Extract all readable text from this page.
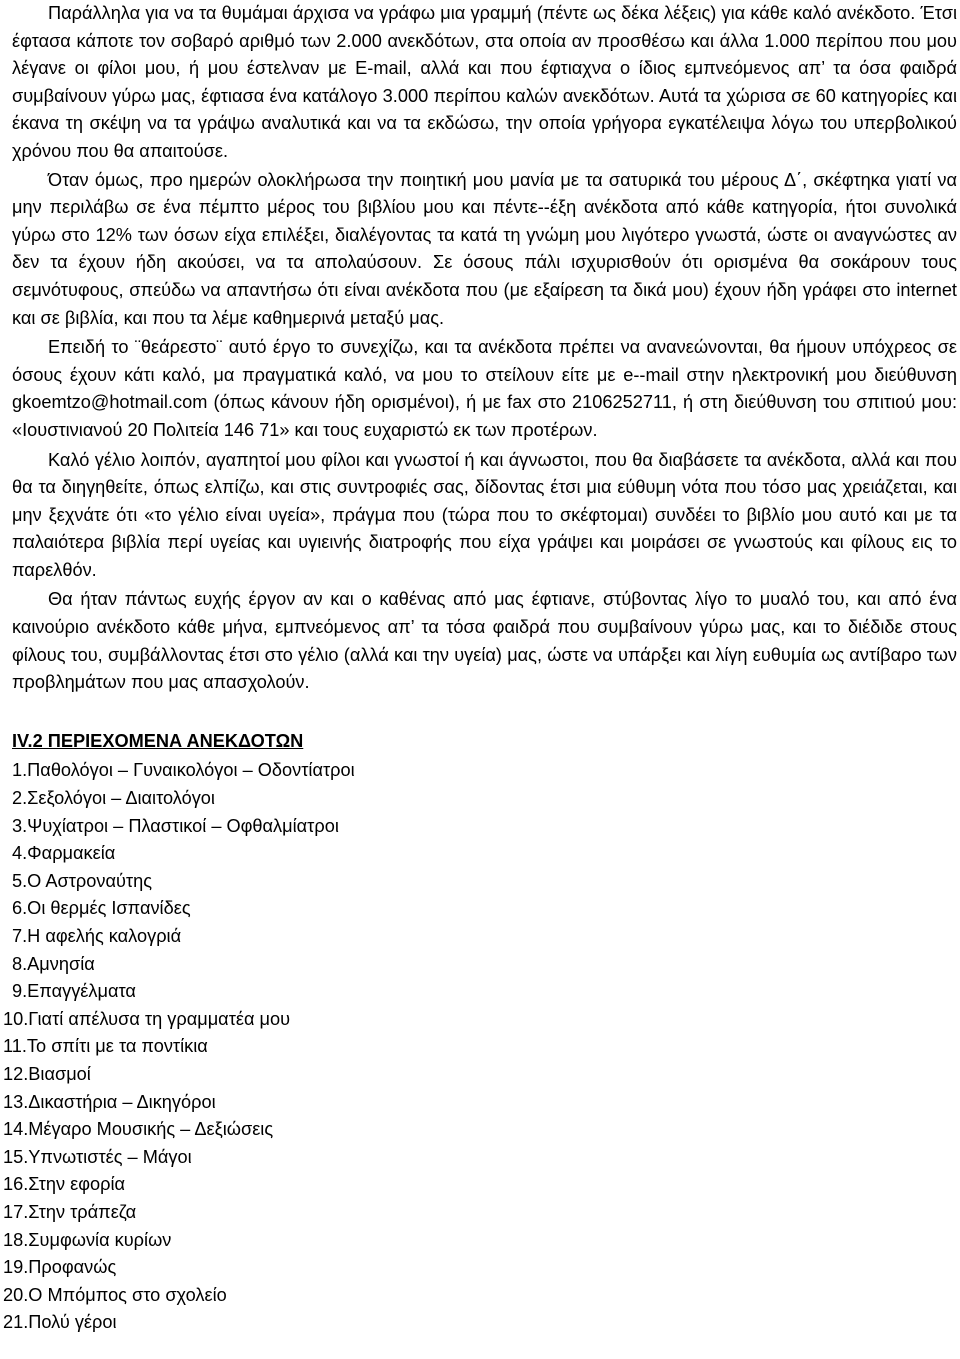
Παράλληλα για να τα θυμάμαι άρχισα να γράφω μια γραμμή (πέντε ως δέκα λέξεις) για κάθε καλό ανέκδοτο. Έτσι έφτασα κάποτε τον σοβαρό αριθμό των 2.000 ανεκδότων, στα οποία αν προσθέσω και άλλα 1.000 περίπου που μου λέγανε οι φίλοι μου, ή μου έστελναν με E-mail, αλλά και που έφτιαχνα ο ίδιος εμπνεόμενος απ’ τα όσα φαιδρά συμβαίνουν γύρω μας, έφτιασα ένα κατάλογο 3.000 περίπου καλών ανεκδότων. Αυτά τα χώρισα σε 60 κατηγορίες και έκανα τη σκέψη να τα γράψω αναλυτικά και να τα εκδώσω, την οποία γρήγορα εγκατέλειψα λόγω του υπερβολικού χρόνου που θα απαιτούσε.

Όταν όμως, προ ημερών ολοκλήρωσα την ποιητική μου μανία με τα σατυρικά του μέρους Δ΄, σκέφτηκα γιατί να μην περιλάβω σε ένα πέμπτο μέρος του βιβλίου μου και πέντε--έξη ανέκδοτα από κάθε κατηγορία, ήτοι συνολικά γύρω στο 12% των όσων είχα επιλέξει, διαλέγοντας τα κατά τη γνώμη μου λιγότερο γνωστά, ώστε οι αναγνώστες αν δεν τα έχουν ήδη ακούσει, να τα απολαύσουν. Σε όσους πάλι ισχυρισθούν ότι ορισμένα θα σοκάρουν τους σεμνότυφους, σπεύδω να απαντήσω ότι είναι ανέκδοτα που (με εξαίρεση τα δικά μου) έχουν ήδη γράφει στο internet και σε βιβλία, και που τα λέμε καθημερινά μεταξύ μας.

Επειδή το ¨θεάρεστο¨ αυτό έργο το συνεχίζω, και τα ανέκδοτα πρέπει να ανανεώνονται, θα ήμουν υπόχρεος σε όσους έχουν κάτι καλό, μα πραγματικά καλό, να μου το στείλουν είτε με e--mail στην ηλεκτρονική μου διεύθυνση gkoemtzo@hotmail.com (όπως κάνουν ήδη ορισμένοι), ή με fax στο 2106252711, ή στη διεύθυνση του σπιτιού μου: «Ιουστινιανού 20 Πολιτεία 146 71» και τους ευχαριστώ εκ των προτέρων.

Καλό γέλιο λοιπόν, αγαπητοί μου φίλοι και γνωστοί ή και άγνωστοι, που θα διαβάσετε τα ανέκδοτα, αλλά και που θα τα διηγηθείτε, όπως ελπίζω, και στις συντροφιές σας, δίδοντας έτσι μια εύθυμη νότα που τόσο μας χρειάζεται, και μην ξεχνάτε ότι «το γέλιο είναι υγεία», πράγμα που (τώρα που το σκέφτομαι) συνδέει το βιβλίο μου αυτό και με τα παλαιότερα βιβλία περί υγείας και υγιεινής διατροφής που είχα γράψει και μοιράσει σε γνωστούς και φίλους εις το παρελθόν.

Θα ήταν πάντως ευχής έργον αν και ο καθένας από μας έφτιανε, στύβοντας λίγο το μυαλό του, και από ένα καινούριο ανέκδοτο κάθε μήνα, εμπνεόμενος απ’ τα τόσα φαιδρά που συμβαίνουν γύρω μας, και το διέδιδε στους φίλους του, συμβάλλοντας έτσι στο γέλιο (αλλά και την υγεία) μας, ώστε να υπάρξει και λίγη ευθυμία ως αντίβαρο των προβλημάτων που μας απασχολούν.

IV.2 ΠΕΡΙΕΧΟΜΕΝΑ ΑΝΕΚΔΟΤΩΝ
1.Παθολόγοι – Γυναικολόγοι – Οδοντίατροι
2.Σεξολόγοι – Διαιτολόγοι
3.Ψυχίατροι – Πλαστικοί – Οφθαλμίατροι
4.Φαρμακεία
5.Ο Αστροναύτης
6.Οι θερμές Ισπανίδες
7.Η αφελής καλογριά
8.Αμνησία
9.Επαγγέλματα
10.Γιατί απέλυσα τη γραμματέα μου
11.Το σπίτι με τα ποντίκια
12.Βιασμοί
13.Δικαστήρια – Δικηγόροι
14.Μέγαρο Μουσικής – Δεξιώσεις
15.Υπνωτιστές – Μάγοι
16.Στην εφορία
17.Στην τράπεζα
18.Συμφωνία κυρίων
19.Προφανώς
20.Ο Μπόμπος στο σχολείο
21.Πολύ γέροι
